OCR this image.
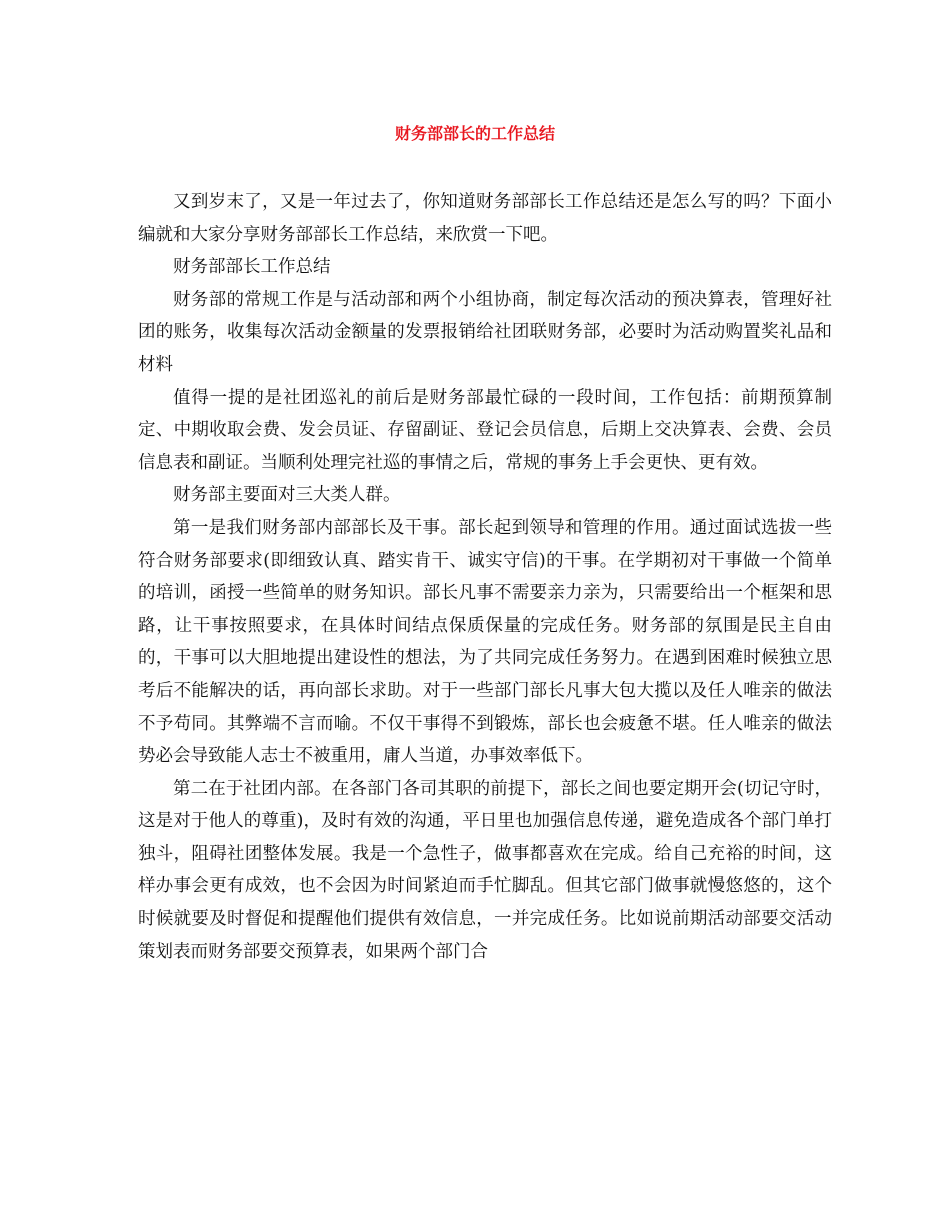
财务部部长的工作总结

又到岁末了，又是一年过去了，你知道财务部部长工作总结还是怎么写的吗？下面小编就和大家分享财务部部长工作总结，来欣赏一下吧。

财务部部长工作总结

财务部的常规工作是与活动部和两个小组协商，制定每次活动的预决算表，管理好社团的账务，收集每次活动金额量的发票报销给社团联财务部，必要时为活动购置奖礼品和材料

值得一提的是社团巡礼的前后是财务部最忙碌的一段时间，工作包括：前期预算制定、中期收取会费、发会员证、存留副证、登记会员信息，后期上交决算表、会费、会员信息表和副证。当顺利处理完社巡的事情之后，常规的事务上手会更快、更有效。

财务部主要面对三大类人群。

第一是我们财务部内部部长及干事。部长起到领导和管理的作用。通过面试选拔一些符合财务部要求(即细致认真、踏实肯干、诚实守信)的干事。在学期初对干事做一个简单的培训，函授一些简单的财务知识。部长凡事不需要亲力亲为，只需要给出一个框架和思路，让干事按照要求，在具体时间结点保质保量的完成任务。财务部的氛围是民主自由的，干事可以大胆地提出建设性的想法，为了共同完成任务努力。在遇到困难时候独立思考后不能解决的话，再向部长求助。对于一些部门部长凡事大包大揽以及任人唯亲的做法不予苟同。其弊端不言而喻。不仅干事得不到锻炼，部长也会疲惫不堪。任人唯亲的做法势必会导致能人志士不被重用，庸人当道，办事效率低下。

第二在于社团内部。在各部门各司其职的前提下，部长之间也要定期开会(切记守时，这是对于他人的尊重)，及时有效的沟通，平日里也加强信息传递，避免造成各个部门单打独斗，阻碍社团整体发展。我是一个急性子，做事都喜欢在完成。给自己充裕的时间，这样办事会更有成效，也不会因为时间紧迫而手忙脚乱。但其它部门做事就慢悠悠的，这个时候就要及时督促和提醒他们提供有效信息，一并完成任务。比如说前期活动部要交活动策划表而财务部要交预算表，如果两个部门合
